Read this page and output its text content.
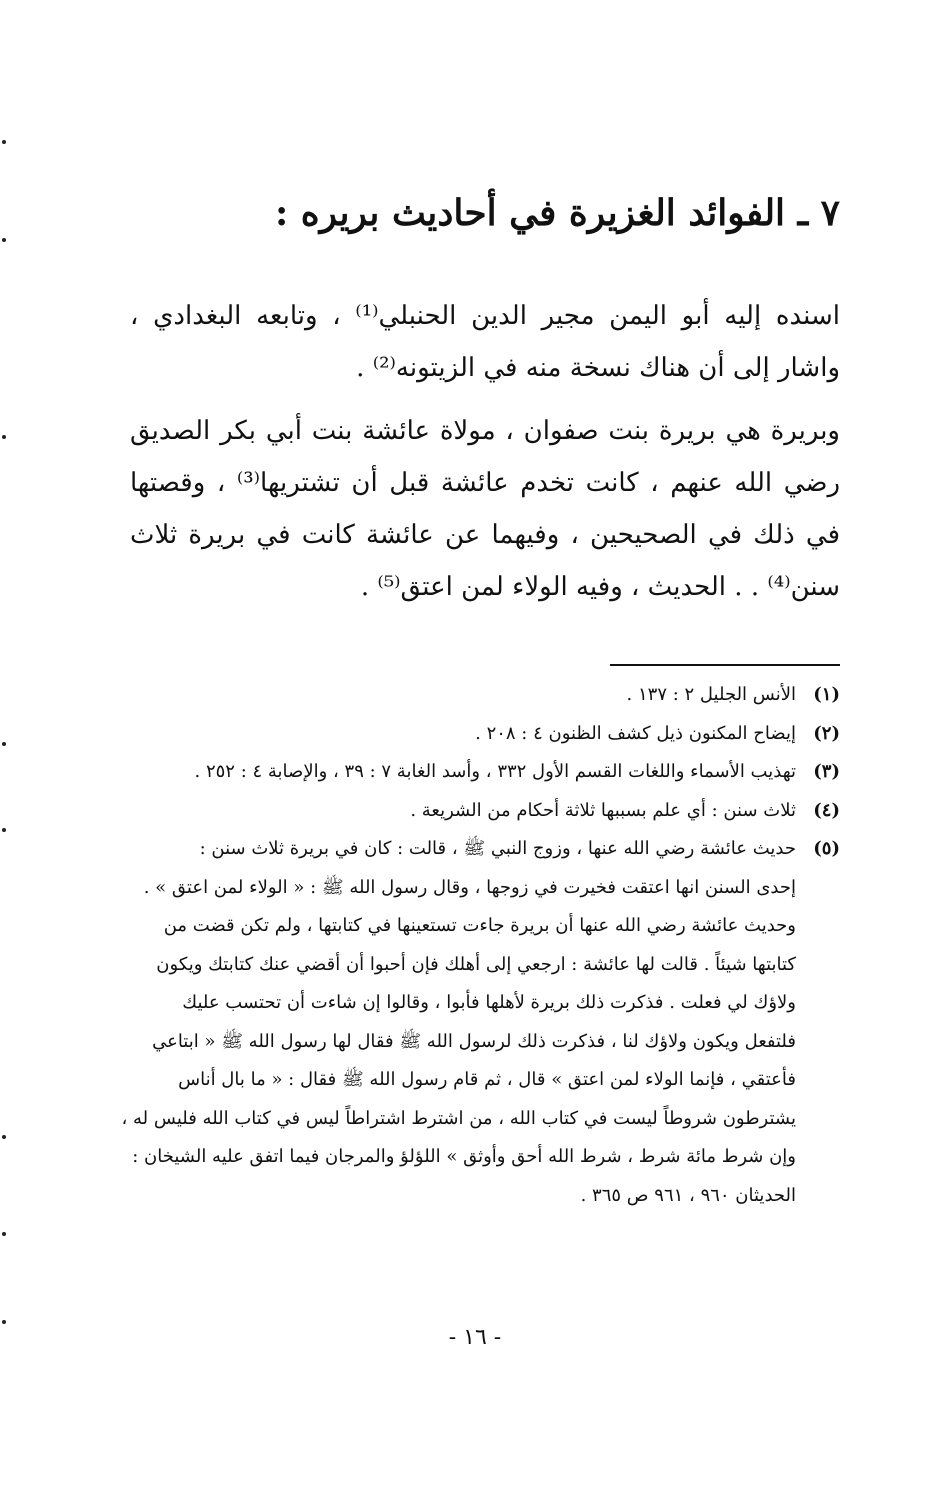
٧ ـ الفوائد الغزيرة في أحاديث بريره :

اسنده إليه أبو اليمن مجير الدين الحنبلي⁽¹⁾ ، وتابعه البغدادي ، واشار إلى أن هناك نسخة منه في الزيتونه⁽²⁾ .

وبريرة هي بريرة بنت صفوان ، مولاة عائشة بنت أبي بكر الصديق رضي الله عنهم ، كانت تخدم عائشة قبل أن تشتريها⁽³⁾ ، وقصتها في ذلك في الصحيحين ، وفيهما عن عائشة كانت في بريرة ثلاث سنن⁽⁴⁾ . . الحديث ، وفيه الولاء لمن اعتق⁽⁵⁾ .

(١)
الأنس الجليل ٢ : ١٣٧ .
(٢)
إيضاح المكنون ذيل كشف الظنون ٤ : ٢٠٨ .
(٣)
تهذيب الأسماء واللغات القسم الأول ٣٣٢ ، وأسد الغابة ٧ : ٣٩ ، والإصابة ٤ : ٢٥٢ .
(٤)
ثلاث سنن : أي علم بسببها ثلاثة أحكام من الشريعة .
(٥)
حديث عائشة رضي الله عنها ، وزوج النبي ﷺ ، قالت : كان في بريرة ثلاث سنن :
إحدى السنن انها اعتقت فخيرت في زوجها ، وقال رسول الله ﷺ : « الولاء لمن اعتق » .
وحديث عائشة رضي الله عنها أن بريرة جاءت تستعينها في كتابتها ، ولم تكن قضت من
كتابتها شيئاً . قالت لها عائشة : ارجعي إلى أهلك فإن أحبوا أن أقضي عنك كتابتك ويكون
ولاؤك لي فعلت . فذكرت ذلك بريرة لأهلها فأبوا ، وقالوا إن شاءت أن تحتسب عليك
فلتفعل ويكون ولاؤك لنا ، فذكرت ذلك لرسول الله ﷺ فقال لها رسول الله ﷺ « ابتاعي
فأعتقي ، فإنما الولاء لمن اعتق » قال ، ثم قام رسول الله ﷺ فقال : « ما بال أناس
يشترطون شروطاً ليست في كتاب الله ، من اشترط اشتراطاً ليس في كتاب الله فليس له ،
وإن شرط مائة شرط ، شرط الله أحق وأوثق » اللؤلؤ والمرجان فيما اتفق عليه الشيخان :
الحديثان ٩٦٠ ، ٩٦١ ص ٣٦٥ .
- ١٦ -
